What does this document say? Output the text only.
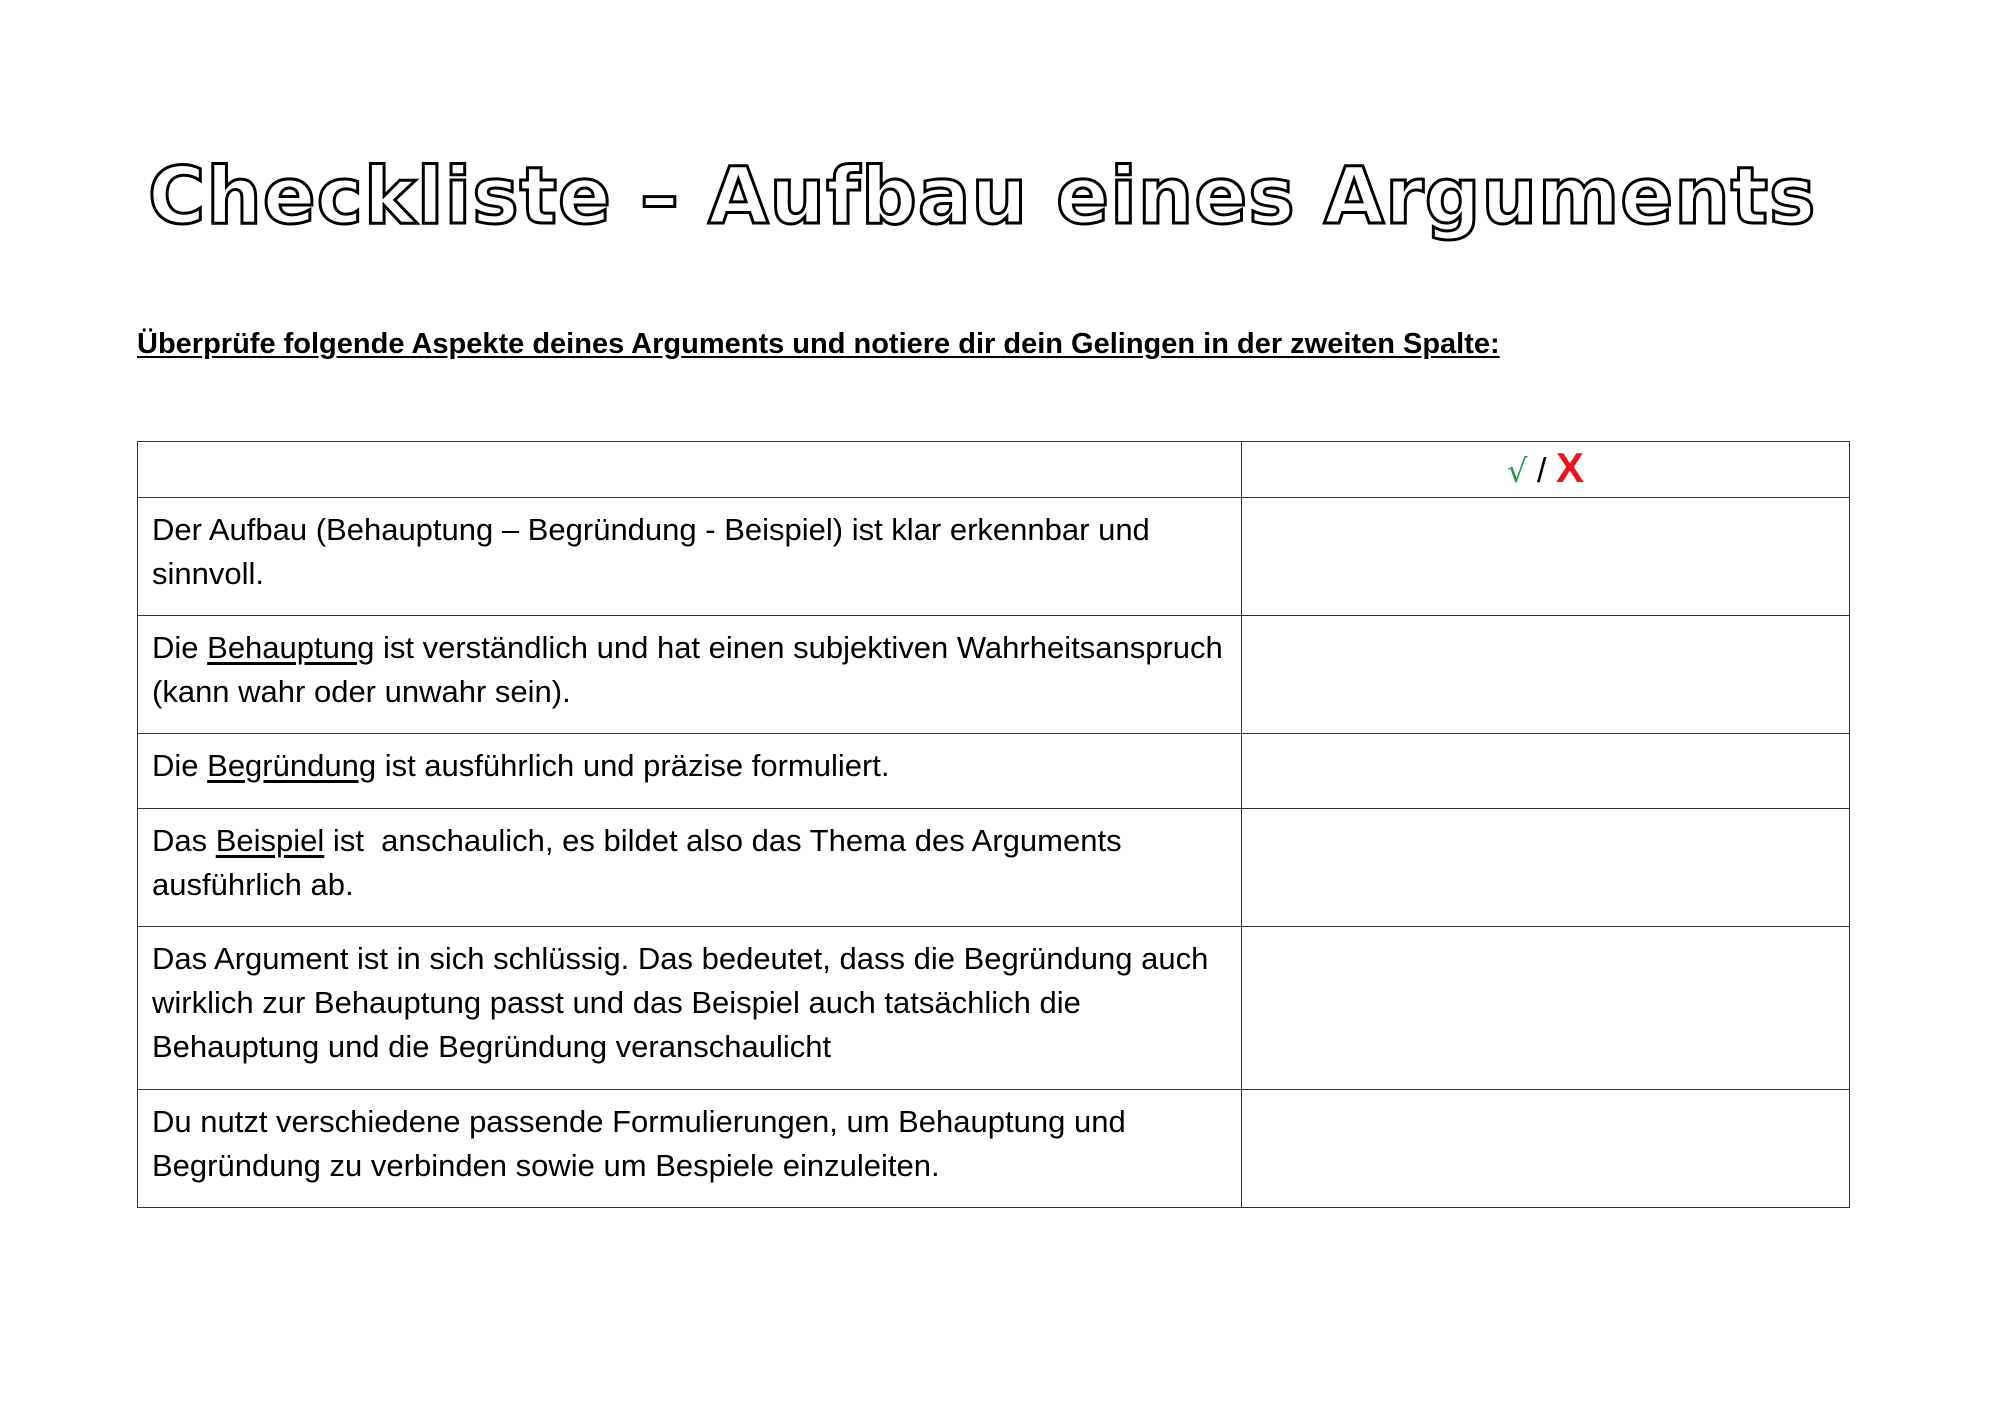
Checkliste – Aufbau eines Arguments

Überprüfe folgende Aspekte deines Arguments und notiere dir dein Gelingen in der zweiten Spalte:

	√ / X
Der Aufbau (Behauptung – Begründung - Beispiel) ist klar erkennbar und sinnvoll.	
Die Behauptung ist verständlich und hat einen subjektiven Wahrheitsanspruch (kann wahr oder unwahr sein).	
Die Begründung ist ausführlich und präzise formuliert.	
Das Beispiel ist  anschaulich, es bildet also das Thema des Arguments ausführlich ab.	
Das Argument ist in sich schlüssig. Das bedeutet, dass die Begründung auch wirklich zur Behauptung passt und das Beispiel auch tatsächlich die Behauptung und die Begründung veranschaulicht	
Du nutzt verschiedene passende Formulierungen, um Behauptung und Begründung zu verbinden sowie um Bespiele einzuleiten.	
